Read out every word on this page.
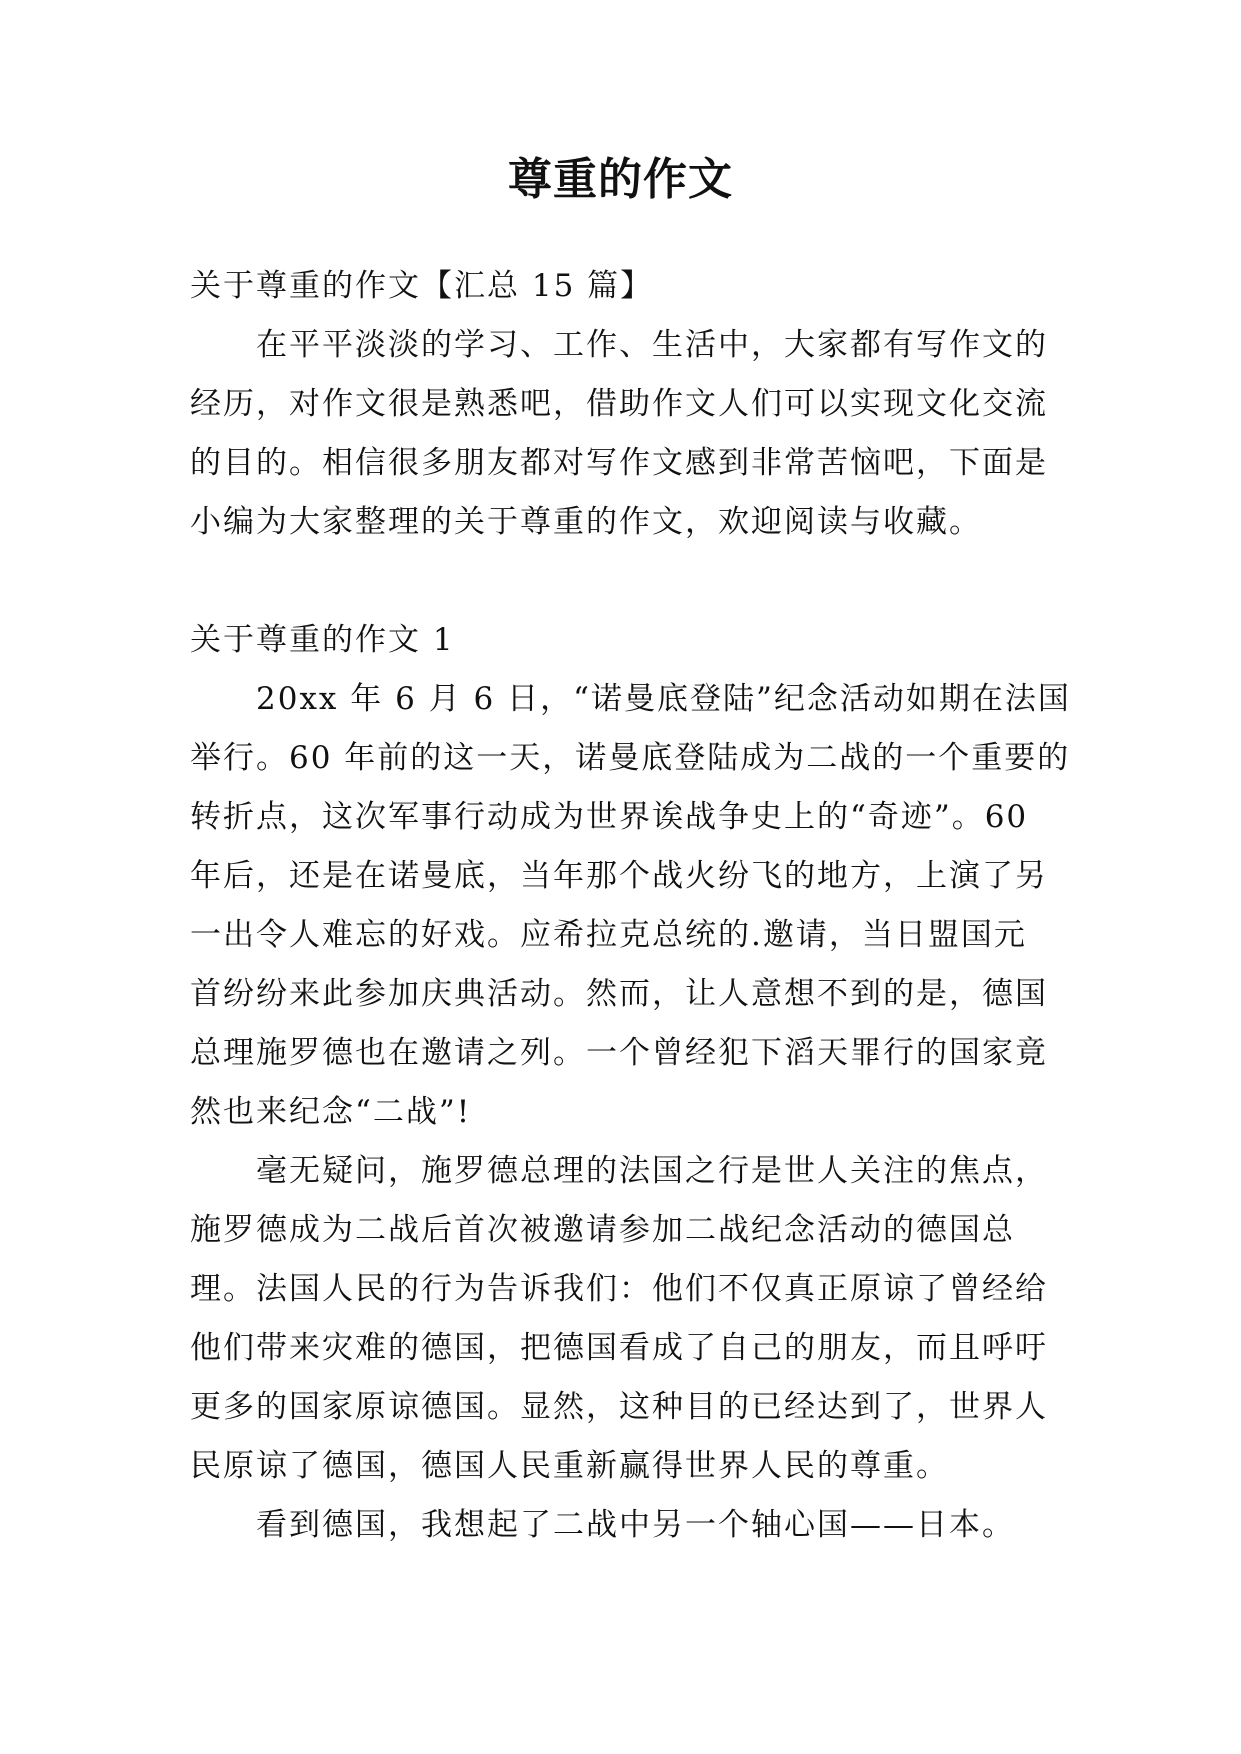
尊重的作文

关于尊重的作文【汇总 15 篇】

在平平淡淡的学习、工作、生活中，大家都有写作文的

经历，对作文很是熟悉吧，借助作文人们可以实现文化交流

的目的。相信很多朋友都对写作文感到非常苦恼吧，下面是

小编为大家整理的关于尊重的作文，欢迎阅读与收藏。

关于尊重的作文 1

20xx 年 6 月 6 日，“诺曼底登陆”纪念活动如期在法国

举行。60 年前的这一天，诺曼底登陆成为二战的一个重要的

转折点，这次军事行动成为世界诶战争史上的“奇迹”。60

年后，还是在诺曼底，当年那个战火纷飞的地方，上演了另

一出令人难忘的好戏。应希拉克总统的.邀请，当日盟国元

首纷纷来此参加庆典活动。然而，让人意想不到的是，德国

总理施罗德也在邀请之列。一个曾经犯下滔天罪行的国家竟

然也来纪念“二战”!

毫无疑问，施罗德总理的法国之行是世人关注的焦点，

施罗德成为二战后首次被邀请参加二战纪念活动的德国总

理。法国人民的行为告诉我们：他们不仅真正原谅了曾经给

他们带来灾难的德国，把德国看成了自己的朋友，而且呼吁

更多的国家原谅德国。显然，这种目的已经达到了，世界人

民原谅了德国，德国人民重新赢得世界人民的尊重。

看到德国，我想起了二战中另一个轴心国——日本。
